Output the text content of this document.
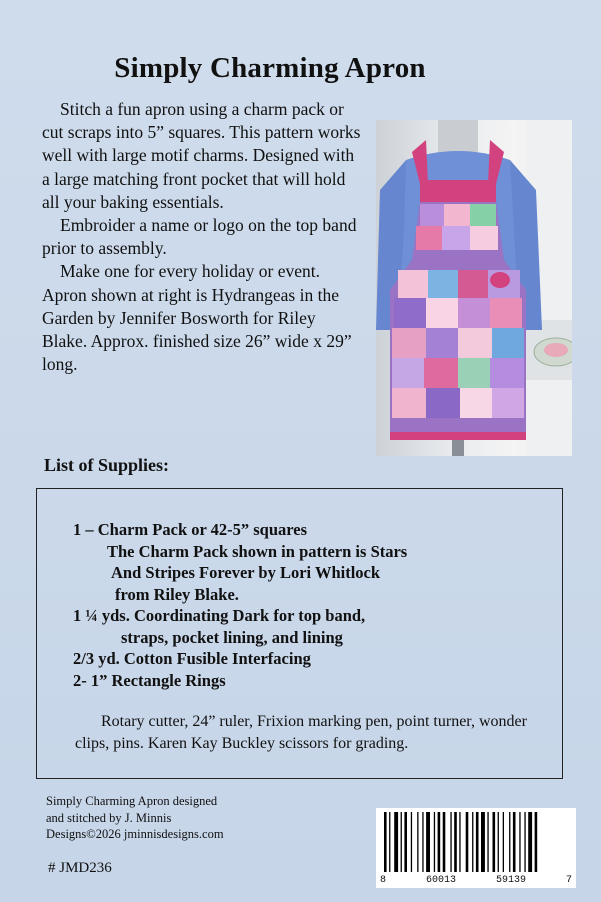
Simply Charming Apron

Stitch a fun apron using a charm pack or cut scraps into 5” squares. This pattern works well with large motif charms. Designed with a large matching front pocket that will hold all your baking essentials.

Embroider a name or logo on the top band prior to assembly.

Make one for every holiday or event. Apron shown at right is Hydrangeas in the Garden by Jennifer Bosworth for Riley Blake. Approx. finished size 26” wide x 29” long.

List of Supplies:
1 – Charm Pack or 42-5” squares
The Charm Pack shown in pattern is Stars
And Stripes Forever by Lori Whitlock
from Riley Blake.
1 ¼ yds. Coordinating Dark for top band,
straps, pocket lining, and lining
2/3 yd. Cotton Fusible Interfacing
2- 1” Rectangle Rings
Rotary cutter, 24” ruler, Frixion marking pen, point turner, wonder clips, pins. Karen Kay Buckley scissors for grading.
Simply Charming Apron designed
and stitched by J. Minnis
Designs©2026 jminnisdesigns.com
# JMD236
8	60013	59139	7
